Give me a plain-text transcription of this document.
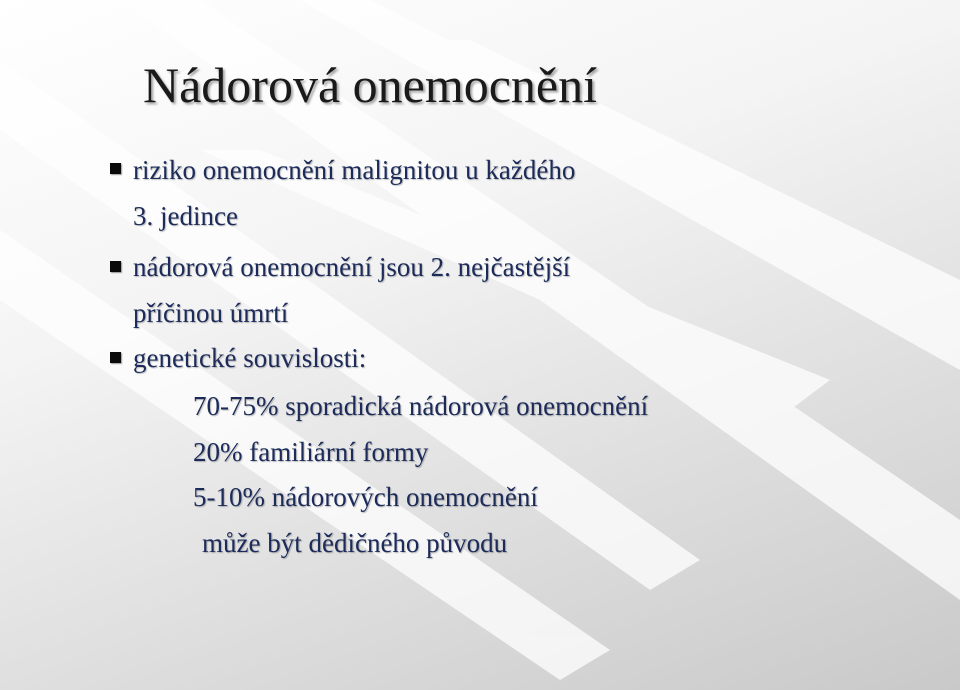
Nádorová onemocnění
riziko onemocnění malignitou u každého
3. jedince
nádorová onemocnění jsou 2. nejčastější
příčinou úmrtí
genetické souvislosti:
70-75% sporadická nádorová onemocnění
20% familiární formy
5-10% nádorových onemocnění
může být dědičného původu
